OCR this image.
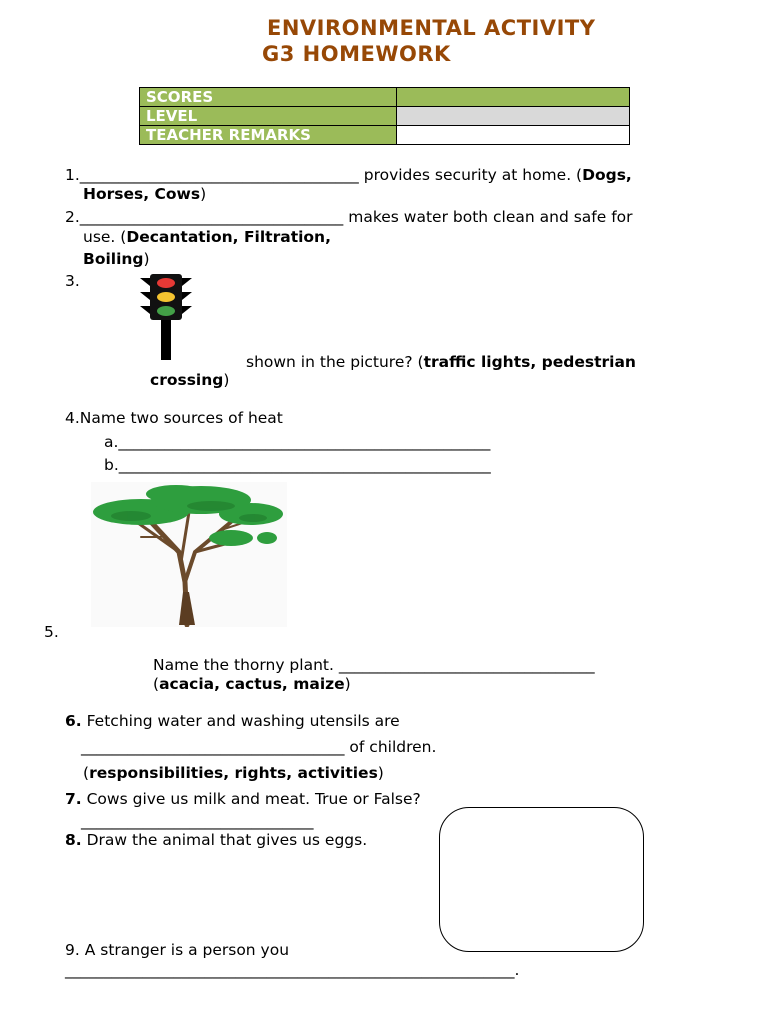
ENVIRONMENTAL ACTIVITY
G3 HOMEWORK
SCORES	
LEVEL	
TEACHER REMARKS	
1.____________________________________ provides security at home. (Dogs,
Horses, Cows)
2.__________________________________ makes water both clean and safe for
use. (Decantation, Filtration,
Boiling)
3.
shown in the picture? (traffic lights, pedestrian
crossing)
4.Name two sources of heat
a.________________________________________________
b.________________________________________________
5.
Name the thorny plant. _________________________________
(acacia, cactus, maize)
6. Fetching water and washing utensils are
__________________________________ of children.
(responsibilities, rights, activities)
7. Cows give us milk and meat. True or False?
______________________________
8. Draw the animal that gives us eggs.
9. A stranger is a person you
__________________________________________________________.
